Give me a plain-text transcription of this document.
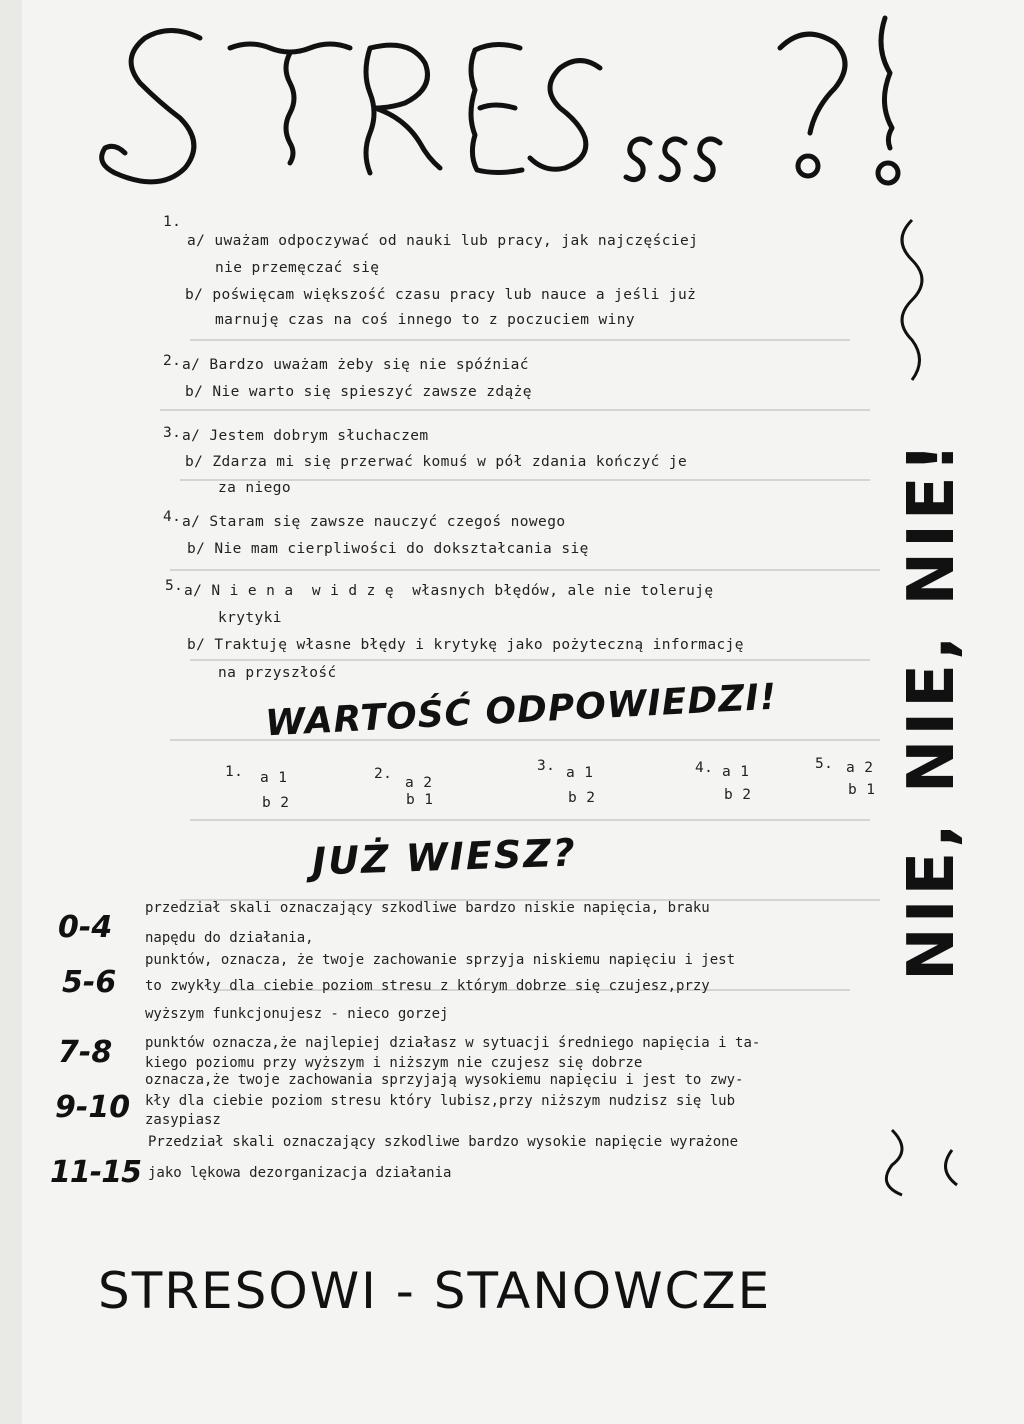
1.
a/ uważam odpoczywać od nauki lub pracy, jak najczęściej
nie przemęczać się
b/ poświęcam większość czasu pracy lub nauce a jeśli już
marnuję czas na coś innego to z poczuciem winy
2. a/ Bardzo uważam żeby się nie spóźniać
b/ Nie warto się spieszyć zawsze zdążę
3. a/ Jestem dobrym słuchaczem
b/ Zdarza mi się przerwać komuś w pół zdania kończyć je
za niego
4. a/ Staram się zawsze nauczyć czegoś nowego
b/ Nie mam cierpliwości do dokształcania się
5. a/ N i e n a  w i d z ę  własnych błędów, ale nie toleruję
krytyki
b/ Traktuję własne błędy i krytykę jako pożyteczną informację
na przyszłość
WARTOŚĆ ODPOWIEDZI!
1. a 1
b 2
2.
a 2
b 1
3. a 1
b 2
4. a 1
b 2
5. a 2
b 1
JUŻ WIESZ?
0-4
przedział skali oznaczający szkodliwe bardzo niskie napięcia, braku
napędu do działania,
5-6
punktów, oznacza, że twoje zachowanie sprzyja niskiemu napięciu i jest
to zwykły dla ciebie poziom stresu z którym dobrze się czujesz,przy
wyższym funkcjonujesz - nieco gorzej
7-8 punktów oznacza,że najlepiej działasz w sytuacji średniego napięcia i ta-
kiego poziomu przy wyższym i niższym nie czujesz się dobrze
9-10
oznacza,że twoje zachowania sprzyjają wysokiemu napięciu i jest to zwy-
kły dla ciebie poziom stresu który lubisz,przy niższym nudzisz się lub
zasypiasz
11-15
Przedział skali oznaczający szkodliwe bardzo wysokie napięcie wyrażone
jako lękowa dezorganizacja działania
NIE, NIE, NIE!
STRESOWI - STANOWCZE
